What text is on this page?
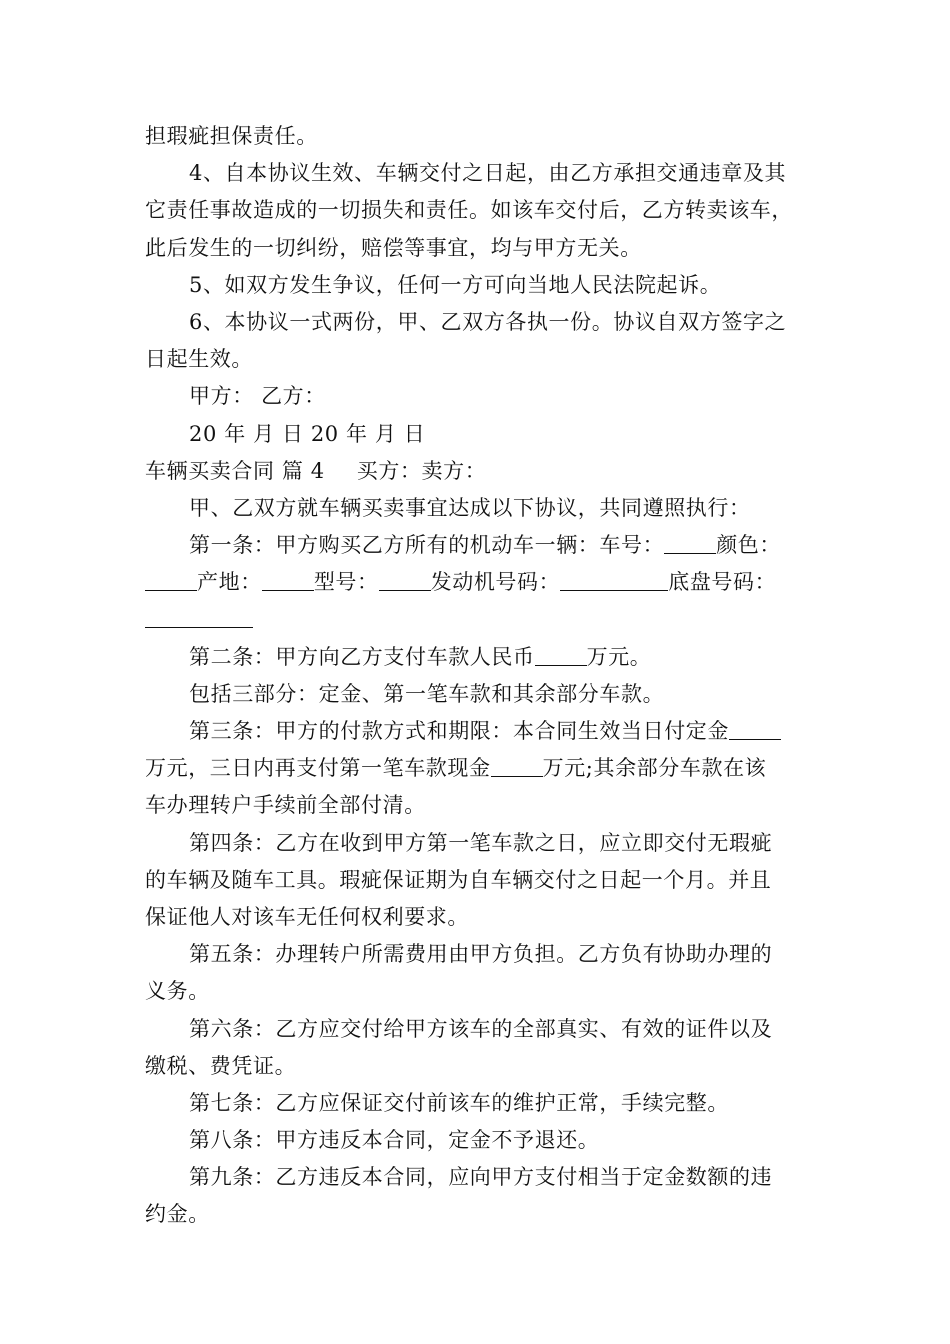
担瑕疵担保责任。
4、自本协议生效、车辆交付之日起，由乙方承担交通违章及其
它责任事故造成的一切损失和责任。如该车交付后，乙方转卖该车，
此后发生的一切纠纷，赔偿等事宜，均与甲方无关。
5、如双方发生争议，任何一方可向当地人民法院起诉。
6、本协议一式两份，甲、乙双方各执一份。协议自双方签字之
日起生效。
甲方： 乙方：
20 年 月 日 20 年 月 日
车辆买卖合同 篇 4 买方：卖方：
甲、乙双方就车辆买卖事宜达成以下协议，共同遵照执行：
第一条：甲方购买乙方所有的机动车一辆：车号： 颜色：
产地： 型号： 发动机号码：	底盘号码：
第二条：甲方向乙方支付车款人民币 万元。
包括三部分：定金、第一笔车款和其余部分车款。
第三条：甲方的付款方式和期限：本合同生效当日付定金
万元，三日内再支付第一笔车款现金 万元;其余部分车款在该
车办理转户手续前全部付清。
第四条：乙方在收到甲方第一笔车款之日，应立即交付无瑕疵
的车辆及随车工具。瑕疵保证期为自车辆交付之日起一个月。并且
保证他人对该车无任何权利要求。
第五条：办理转户所需费用由甲方负担。乙方负有协助办理的
义务。
第六条：乙方应交付给甲方该车的全部真实、有效的证件以及
缴税、费凭证。
第七条：乙方应保证交付前该车的维护正常，手续完整。
第八条：甲方违反本合同，定金不予退还。
第九条：乙方违反本合同，应向甲方支付相当于定金数额的违
约金。
